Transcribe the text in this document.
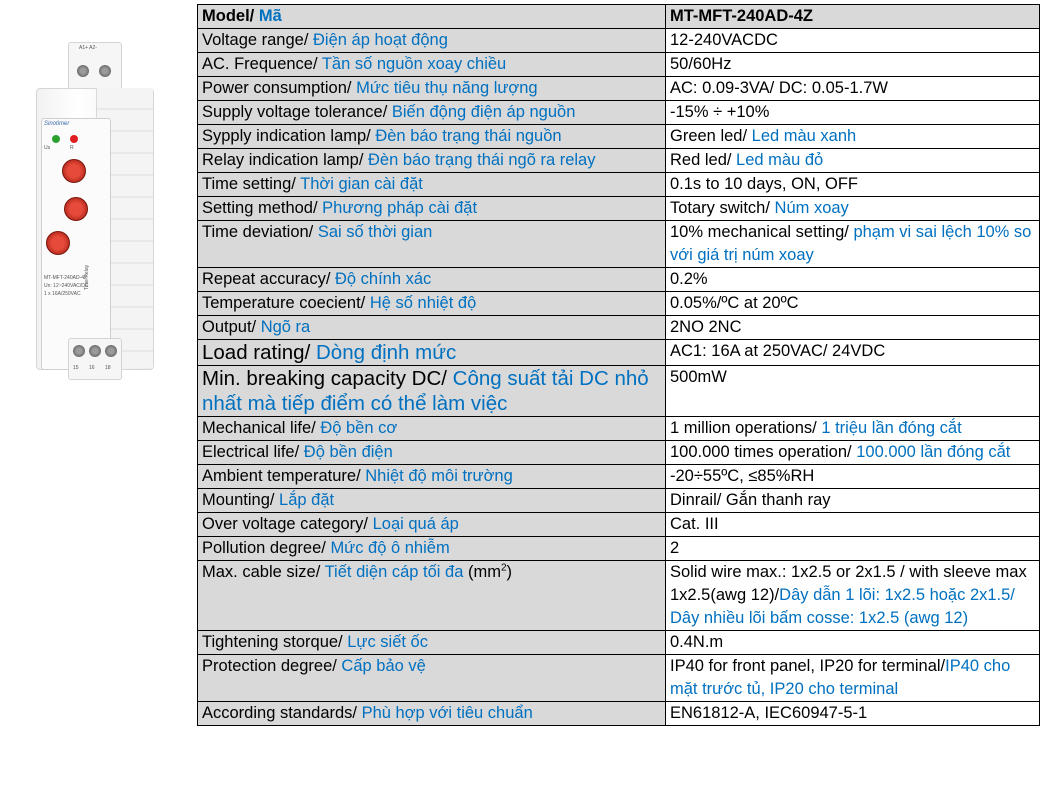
A1+ A2-
Sinotimer
Us	R
MT-MFT-240AD-4Z
Un: 12~240VAC/DC
1 x 16A/250VAC
Time Relay
15 16 18
Model/ Mã	MT-MFT-240AD-4Z
Voltage range/ Điện áp hoạt động	12-240VACDC
AC. Frequence/ Tần số nguồn xoay chiều	50/60Hz
Power consumption/ Mức tiêu thụ năng lượng	AC: 0.09-3VA/ DC: 0.05-1.7W
Supply voltage tolerance/ Biến động điện áp nguồn	-15% ÷ +10%
Sypply indication lamp/ Đèn báo trạng thái nguồn	Green led/ Led màu xanh
Relay indication lamp/ Đèn báo trạng thái ngõ ra relay	Red led/ Led màu đỏ
Time setting/ Thời gian cài đặt	0.1s to 10 days, ON, OFF
Setting method/ Phương pháp cài đặt	Totary switch/ Núm xoay
Time deviation/ Sai số thời gian	10% mechanical setting/ phạm vi sai lệch 10% so với giá trị núm xoay
Repeat accuracy/ Độ chính xác	0.2%
Temperature coecient/ Hệ số nhiệt độ	0.05%/ºC at 20ºC
Output/ Ngõ ra	2NO 2NC
Load rating/ Dòng định mức	AC1: 16A at 250VAC/ 24VDC
Min. breaking capacity DC/ Công suất tải DC nhỏ nhất mà tiếp điểm có thể làm việc	500mW
Mechanical life/ Độ bền cơ	1 million operations/ 1 triệu lần đóng cắt
Electrical life/ Độ bền điện	100.000 times operation/ 100.000 lần đóng cắt
Ambient temperature/ Nhiệt độ môi trường	-20÷55ºC, ≤85%RH
Mounting/ Lắp đặt	Dinrail/ Gắn thanh ray
Over voltage category/ Loại quá áp	Cat. III
Pollution degree/ Mức độ ô nhiễm	2
Max. cable size/ Tiết diện cáp tối đa $(mm^2)$	Solid wire max.: 1x2.5 or 2x1.5 / with sleeve max 1x2.5(awg 12)/Dây dẫn 1 lõi: 1x2.5 hoặc 2x1.5/ Dây nhiều lõi bấm cosse: 1x2.5 (awg 12)
Tightening storque/ Lực siết ốc	0.4N.m
Protection degree/ Cấp bảo vệ	IP40 for front panel, IP20 for terminal/IP40 cho mặt trước tủ, IP20 cho terminal
According standards/ Phù hợp với tiêu chuẩn	EN61812-A, IEC60947-5-1
